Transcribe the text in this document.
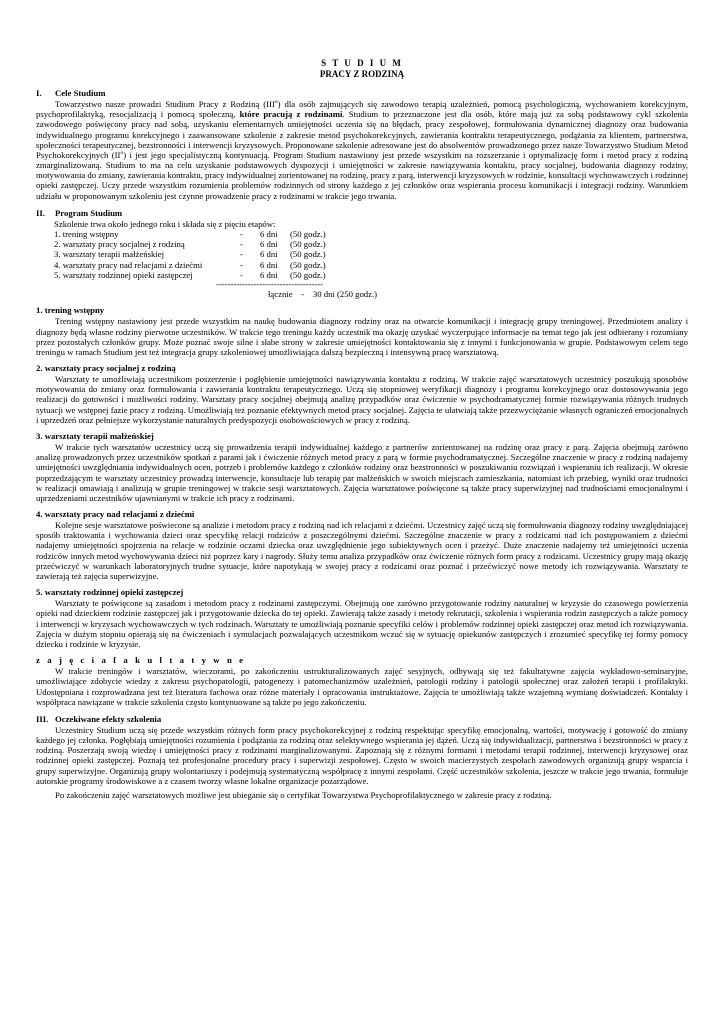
S T U D I U M
PRACY Z RODZINĄ
I. Cele Studium

Towarzystwo nasze prowadzi Studium Pracy z Rodziną (III$^o$) dla osób zajmujących się zawodowo terapią uzależnień, pomocą psychologiczną, wychowaniem korekcyjnym, psychoprofilaktyką, resocjalizacją i pomocą społeczną, które pracują z rodzinami. Studium to przeznaczone jest dla osób, które mają już za sobą podstawowy cykl szkolenia zawodowego poświęcony pracy nad sobą, uzyskaniu elementarnych umiejętności uczenia się na błędach, pracy zespołowej, formułowania dynamicznej diagnozy oraz budowania indywidualnego programu korekcyjnego i zaawansowane szkolenie z zakresie metod psychokorekcyjnych, zawierania kontraktu terapeutycznego, podążania za klientem, partnerstwa, społeczności terapeutycznej, bezstronności i interwencji kryzysowych. Proponowane szkolenie adresowane jest do absolwentów prowadzonego przez nasze Towarzystwo Studium Metod Psychokorekcyjnych $(II^o)$ i jest jego specjalistyczną kontynuacją. Program Studium nastawiony jest przede wszystkim na rozszerzanie i optymalizację form i metod pracy z rodziną zmarginalizowaną. Studium to ma na celu uzyskanie podstawowych dyspozycji i umiejętności w zakresie nawiązywania kontaktu, pracy socjalnej, budowania diagnozy rodziny, motywowania do zmiany, zawierania kontraktu, pracy indywidualnej zorientowanej na rodzinę, pracy z parą, interwencji kryzysowych w rodzinie, konsultacji wychowawczych i rodzinnej opieki zastępczej. Uczy przede wszystkim rozumienia problemów rodzinnych od strony każdego z jej członków oraz wspierania procesu komunikacji i integracji rodziny. Warunkiem udziału w proponowanym szkoleniu jest czynne prowadzenie pracy z rodzinami w trakcie jego trwania.

II. Program Studium
Szkolenie trwa około jednego roku i składa się z pięciu etapów:
1. trening wstępny	-	6 dni	(50 godz.)
2. warsztaty pracy socjalnej z rodziną	-	6 dni	(50 godz.)
3. warsztaty terapii małżeńskiej	-	6 dni	(50 godz.)
4. warsztaty pracy nad relacjami z dziećmi	-	6 dni	(50 godz.)
5. warsztaty rodzinnej opieki zastępczej	-	6 dni	(50 godz.)
-------------------------------------
łącznie - 30 dni (250 godz.)
1. trening wstępny

Trening wstępny nastawiony jest przede wszystkim na naukę budowania diagnozy rodziny oraz na otwarcie komunikacji i integrację grupy treningowej. Przedmiotem analizy i diagnozy będą własne rodziny pierwotne uczestników. W trakcie tego treningu każdy uczestnik ma okazję uzyskać wyczerpujące informacje na temat tego jak jest odbierany i rozumiany przez pozostałych członków grupy. Może poznać swoje silne i słabe strony w zakresie umiejętności kontaktowania się z innymi i funkcjonowania w grupie. Podstawowym celem tego treningu w ramach Studium jest też integracja grupy szkoleniowej umożliwiająca dalszą bezpieczną i intensywną pracę warsztatową.

2. warsztaty pracy socjalnej z rodziną

Warsztaty te umożliwiają uczestnikom poszerzenie i pogłębienie umiejętności nawiązywania kontaktu z rodziną. W trakcie zajęć warsztatowych uczestnicy poszukują sposobów motywowania do zmiany oraz formułowania i zawierania kontraktu terapeutycznego. Uczą się stopniowej weryfikacji diagnozy i programu korekcyjnego oraz dostosowywania jego realizacji do gotowości i możliwości rodziny. Warsztaty pracy socjalnej obejmują analizę przypadków oraz ćwiczenie w psychodramatycznej formie rozwiązywania różnych trudnych sytuacji we wstępnej fazie pracy z rodziną. Umożliwiają też poznanie efektywnych metod pracy socjalnej. Zajęcia te ułatwiają także przezwyciężanie własnych ograniczeń emocjonalnych i uprzedzeń oraz pełniejsze wykorzystanie naturalnych predyspozycji osobowościowych w pracy z rodziną.

3. warsztaty terapii małżeńskiej

W trakcie tych warsztatów uczestnicy uczą się prowadzenia terapii indywidualnej każdego z partnerów zorientowanej na rodzinę oraz pracy z parą. Zajęcia obejmują zarówno analizę prowadzonych przez uczestników spotkań z parami jak i ćwiczenie różnych metod pracy z parą w formie psychodramatycznej. Szczególne znaczenie w pracy z rodziną nadajemy umiejętności uwzględniania indywidualnych ocen, potrzeb i problemów każdego z członków rodziny oraz bezstronności w poszukiwaniu rozwiązań i wspieraniu ich realizacji. W okresie poprzedzającym te warsztaty uczestnicy prowadzą interwencje, konsultacje lub terapię par małżeńskich w swoich miejscach zamieszkania, natomiast ich przebieg, wyniki oraz trudności w realizacji omawiają i analizują w grupie treningowej w trakcie sesji warsztatowych. Zajęcia warsztatowe poświęcone są także pracy superwizyjnej nad trudnościami emocjonalnymi i uprzedzeniami uczestników ujawnianymi w trakcie ich pracy z rodzinami.

4. warsztaty pracy nad relacjami z dziećmi

Kolejne sesje warsztatowe poświecone są analizie i metodom pracy z rodziną nad ich relacjami z dziećmi. Uczestnicy zajęć uczą się formułowania diagnozy rodziny uwzględniającej sposób traktowania i wychowania dzieci oraz specyfikę relacji rodziców z poszczególnymi dziećmi. Szczególne znaczenie w pracy z rodzicami nad ich postępowaniem z dziećmi nadajemy umiejętności spojrzenia na relacje w rodzinie oczami dziecka oraz uwzględnienie jego subiektywnych ocen i przeżyć. Duże znaczenie nadajemy też umiejętności uczenia rodziców innych metod wychowywania dzieci niż poprzez kary i nagrody. Służy temu analiza przypadków oraz ćwiczenie różnych form pracy z rodzicami. Uczestnicy grupy mają okazję przećwiczyć w warunkach laboratoryjnych trudne sytuacje, które napotykają w swojej pracy z rodzicami oraz poznać i przećwiczyć nowe metody ich rozwiązywania. Warsztaty te zawierają też zajęcia superwizyjne.

5. warsztaty rodzinnej opieki zastępczej

Warsztaty te poświęcone są zasadom i metodom pracy z rodzinami zastępczymi. Obejmują one zarówno przygotowanie rodziny naturalnej w kryzysie do czasowego powierzenia opieki nad dzieckiem rodzinie zastępczej jak i przygotowanie dziecka do tej opieki. Zawierają także zasady i metody rekrutacji, szkolenia i wspierania rodzin zastępczych a także pomocy i interwencji w kryzysach wychowawczych w tych rodzinach. Warsztaty te umożliwiają poznanie specyfiki celów i problemów rodzinnej opieki zastępczej oraz metod ich rozwiązywania. Zajęcia w dużym stopniu opierają się na ćwiczeniach i symulacjach pozwalających uczestnikom wczuć się w sytuację opiekunów zastępczych i zrozumieć specyfikę tej formy pomocy dziecku i rodzinie w kryzysie.

z a j ę c i a f a k u l t a t y w n e

W trakcie treningów i warsztatów, wieczorami, po zakończeniu ustrukturalizowanych zajęć sesyjnych, odbywają się też fakultatywne zajęcia wykładowo-seminaryjne, umożliwiające zdobycie wiedzy z zakresu psychopatologii, patogenezy i patomechanizmów uzależnień, patologii rodziny i patologii społecznej oraz założeń terapii i profilaktyki. Udostępniana i rozprowadzana jest też literatura fachowa oraz różne materiały i opracowania instruktażowe. Zajęcia te umożliwiają także wzajemną wymianę doświadczeń. Kontakty i współpraca nawiązane w trakcie szkolenia często kontynuowane są także po jego zakończeniu.

III. Oczekiwane efekty szkolenia

Uczestnicy Studium uczą się przede wszystkim różnych form pracy psychokorekcyjnej z rodziną respektując specyfikę emocjonalną, wartości, motywację i gotowość do zmiany każdego jej członka. Pogłębiają umiejętności rozumienia i podążania za rodziną oraz selektywnego wspierania jej dążeń. Uczą się indywidualizacji, partnerstwa i bezstronności w pracy z rodziną. Poszerzają swoją wiedzę i umiejętności pracy z rodzinami marginalizowanymi. Zapoznają się z różnymi formami i metodami terapii rodzinnej, interwencji kryzysowej oraz rodzinnej opieki zastępczej. Poznają też profesjonalne procedury pracy i superwizji zespołowej. Często w swoich macierzystych zespołach zawodowych organizują grupy wsparcia i grupy superwizyjne. Organizują grupy wolontariuszy i podejmują systematyczną współpracę z innymi zespołami. Część uczestników szkolenia, jeszcze w trakcie jego trwania, formułuje autorskie programy środowiskowe a z czasem tworzy własne lokalne organizacje pozarządowe.

Po zakończeniu zajęć warsztatowych możliwe jest ubieganie się o certyfikat Towarzystwa Psychoprofilaktycznego w zakresie pracy z rodziną.
